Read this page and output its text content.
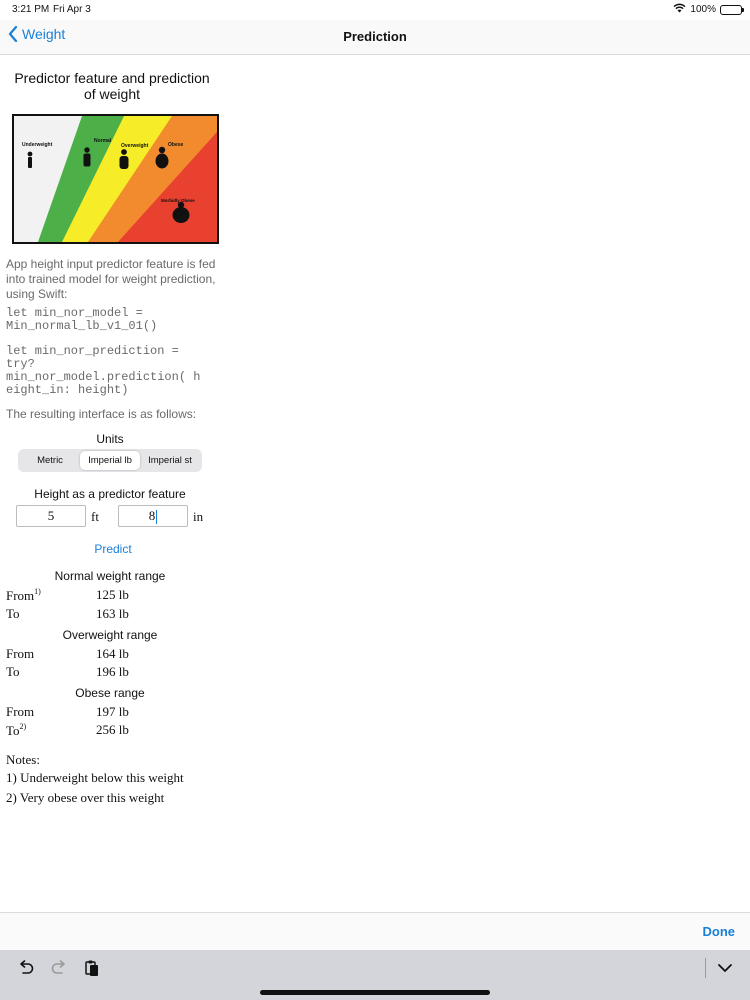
3:21 PM Fri Apr 3	100%
Weight	Prediction
Predictor feature and prediction
of weight
Underweight
Normal
Overweight	Obese
Morbidly Obese
App height input predictor feature is fed into trained model for weight prediction, using Swift:
let min_nor_model =
Min_normal_lb_v1_01()
let min_nor_prediction =
try?
min_nor_model.prediction( h
eight_in: height)
The resulting interface is as follows:
Units
Metric	Imperial lb	Imperial st
Height as a predictor feature
5	ft	8	in
Predict
Normal weight range
From$^{1)}$	125 lb
To	163 lb
Overweight range
From	164 lb
To	196 lb
Obese range
From	197 lb
To$^{2)}$	256 lb
Notes:
1) Underweight below this weight
2) Very obese over this weight
Done
